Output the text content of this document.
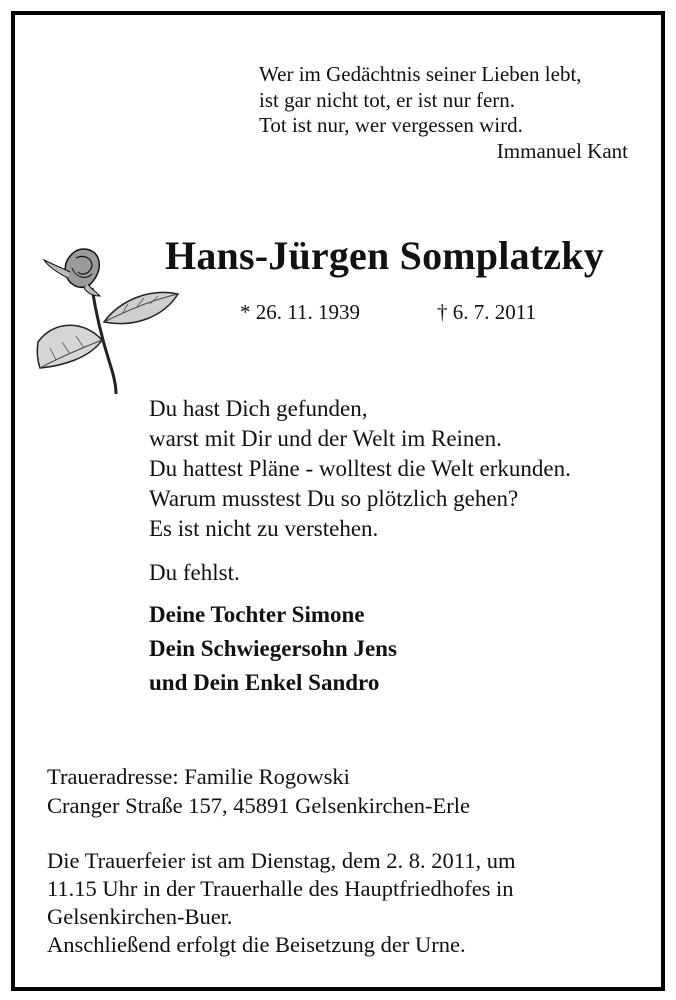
Wer im Gedächtnis seiner Lieben lebt,
ist gar nicht tot, er ist nur fern.
Tot ist nur, wer vergessen wird.
Immanuel Kant
Hans-Jürgen Somplatzky
* 26. 11. 1939	† 6. 7. 2011
Du hast Dich gefunden,
warst mit Dir und der Welt im Reinen.
Du hattest Pläne - wolltest die Welt erkunden.
Warum musstest Du so plötzlich gehen?
Es ist nicht zu verstehen.
Du fehlst.
Deine Tochter Simone
Dein Schwiegersohn Jens
und Dein Enkel Sandro
Traueradresse: Familie Rogowski
Cranger Straße 157, 45891 Gelsenkirchen-Erle
Die Trauerfeier ist am Dienstag, dem 2. 8. 2011, um
11.15 Uhr in der Trauerhalle des Hauptfriedhofes in
Gelsenkirchen-Buer.
Anschließend erfolgt die Beisetzung der Urne.
